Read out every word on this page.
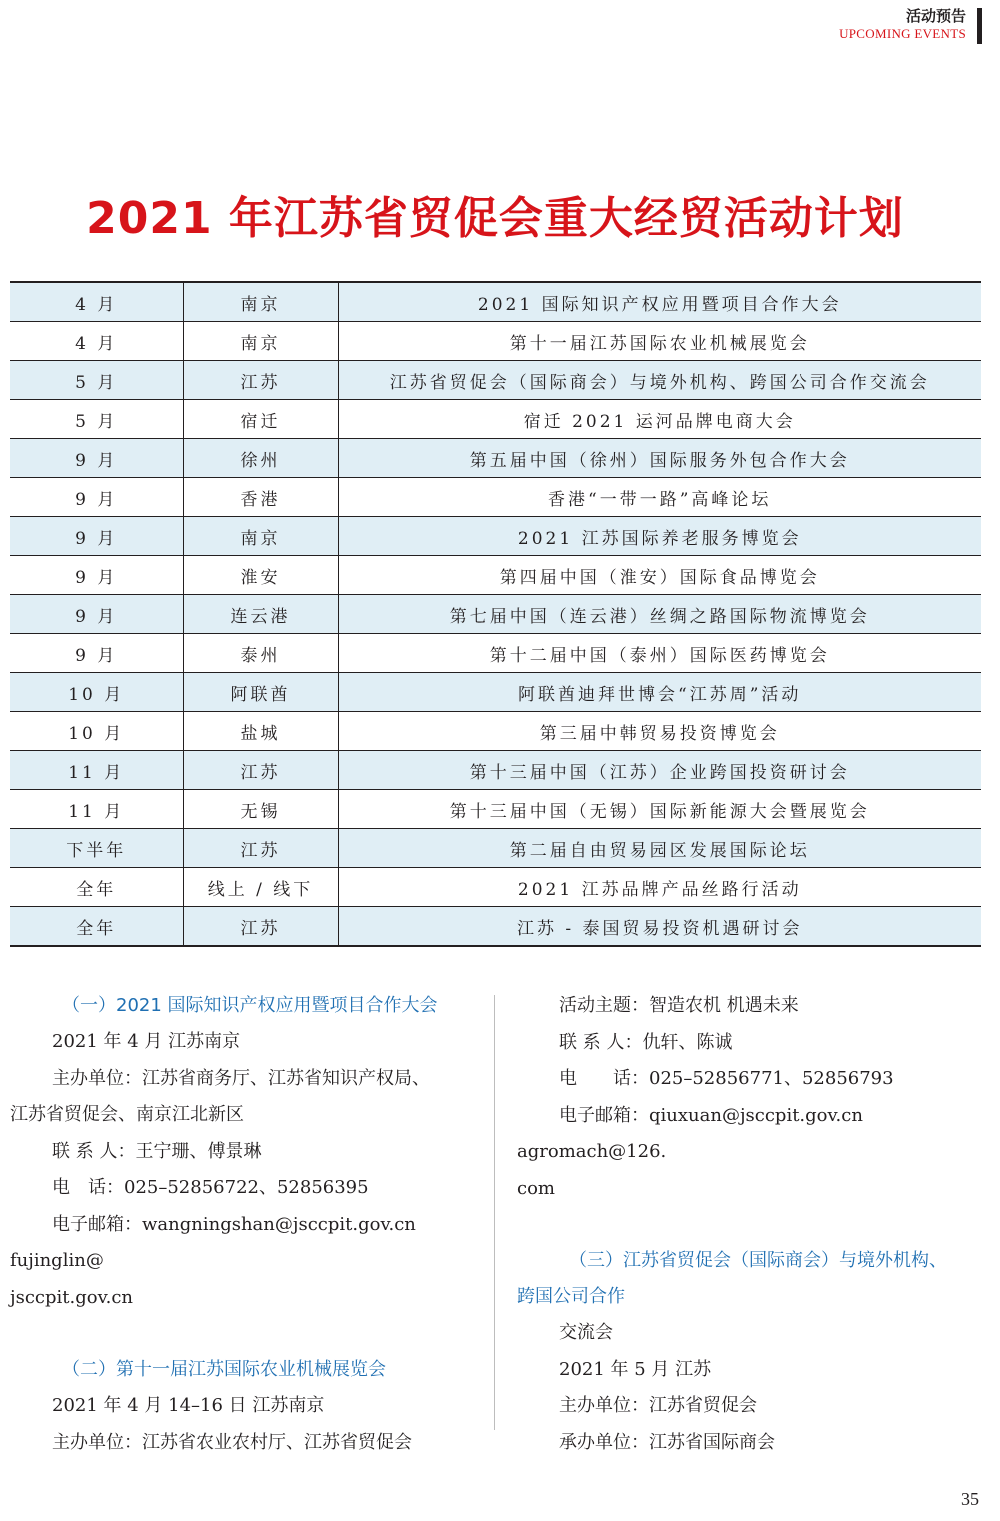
活动预告
UPCOMING EVENTS
2021 年江苏省贸促会重大经贸活动计划
4 月	南京	2021 国际知识产权应用暨项目合作大会
4 月	南京	第十一届江苏国际农业机械展览会
5 月	江苏	江苏省贸促会（国际商会）与境外机构、跨国公司合作交流会
5 月	宿迁	宿迁 2021 运河品牌电商大会
9 月	徐州	第五届中国（徐州）国际服务外包合作大会
9 月	香港	香港“一带一路”高峰论坛
9 月	南京	2021 江苏国际养老服务博览会
9 月	淮安	第四届中国（淮安）国际食品博览会
9 月	连云港	第七届中国（连云港）丝绸之路国际物流博览会
9 月	泰州	第十二届中国（泰州）国际医药博览会
10 月	阿联酋	阿联酋迪拜世博会“江苏周”活动
10 月	盐城	第三届中韩贸易投资博览会
11 月	江苏	第十三届中国（江苏）企业跨国投资研讨会
11 月	无锡	第十三届中国（无锡）国际新能源大会暨展览会
下半年	江苏	第二届自由贸易园区发展国际论坛
全年	线上 / 线下	2021 江苏品牌产品丝路行活动
全年	江苏	江苏 - 泰国贸易投资机遇研讨会

（一）2021 国际知识产权应用暨项目合作大会

2021 年 4 月 江苏南京

主办单位：江苏省商务厅、江苏省知识产权局、

江苏省贸促会、南京江北新区

联 系 人：王宁珊、傅景琳

电　话：025–52856722、52856395

电子邮箱：wangningshan@jsccpit.gov.cn fujinglin@

jsccpit.gov.cn

（二）第十一届江苏国际农业机械展览会

2021 年 4 月 14–16 日 江苏南京

主办单位：江苏省农业农村厅、江苏省贸促会

活动主题：智造农机 机遇未来

联 系 人：仇轩、陈诚

电　　话：025–52856771、52856793

电子邮箱：qiuxuan@jsccpit.gov.cn agromach@126.

com

（三）江苏省贸促会（国际商会）与境外机构、

跨国公司合作

交流会

2021 年 5 月 江苏

主办单位：江苏省贸促会

承办单位：江苏省国际商会

35
